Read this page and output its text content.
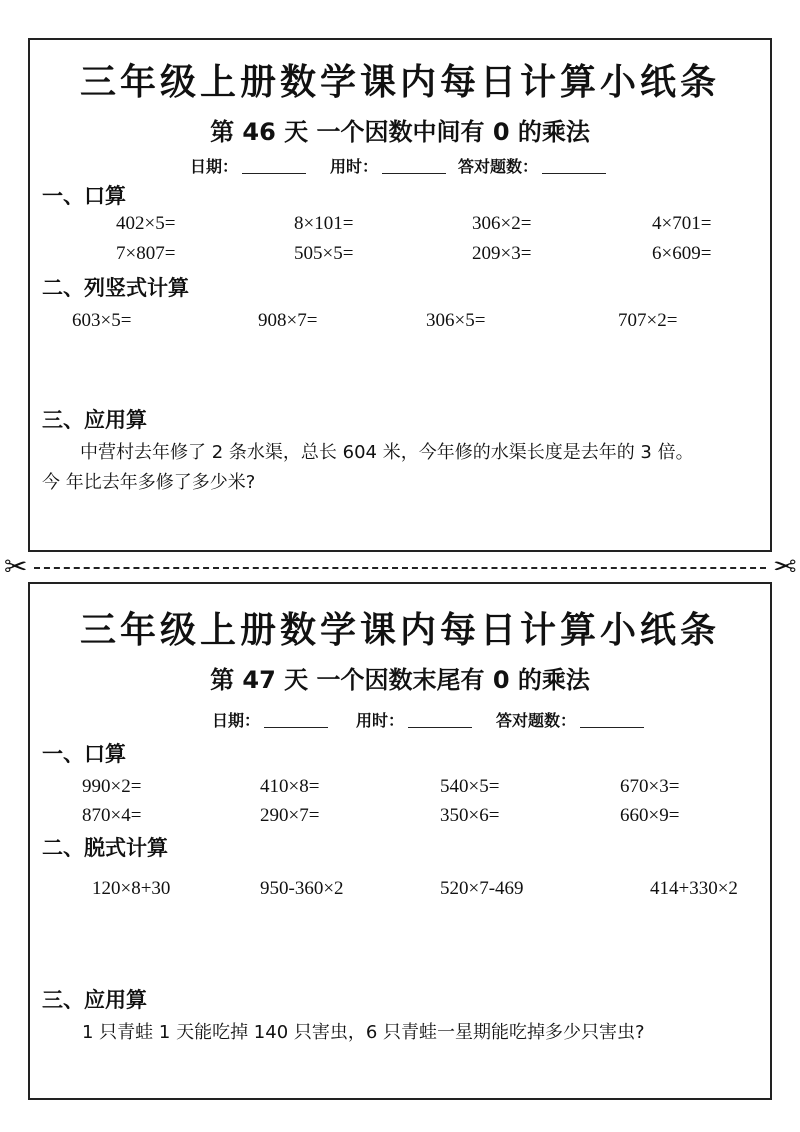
三年级上册数学课内每日计算小纸条
第 46 天 一个因数中间有 0 的乘法
日期：	用时：	答对题数：
一、口算
402×5=	8×101=	306×2=	4×701=
7×807=	505×5=	209×3=	6×609=
二、列竖式计算
603×5=	908×7=	306×5=	707×2=
三、应用算
中营村去年修了 2 条水渠，总长 604 米，今年修的水渠长度是去年的 3 倍。
今 年比去年多修了多少米?
✂	✂
三年级上册数学课内每日计算小纸条
第 47 天 一个因数末尾有 0 的乘法
日期：	用时：	答对题数：
一、口算
990×2=	410×8=	540×5=	670×3=
870×4=	290×7=	350×6=	660×9=
二、脱式计算
120×8+30	950-360×2	520×7-469	414+330×2
三、应用算
1 只青蛙 1 天能吃掉 140 只害虫，6 只青蛙一星期能吃掉多少只害虫?
